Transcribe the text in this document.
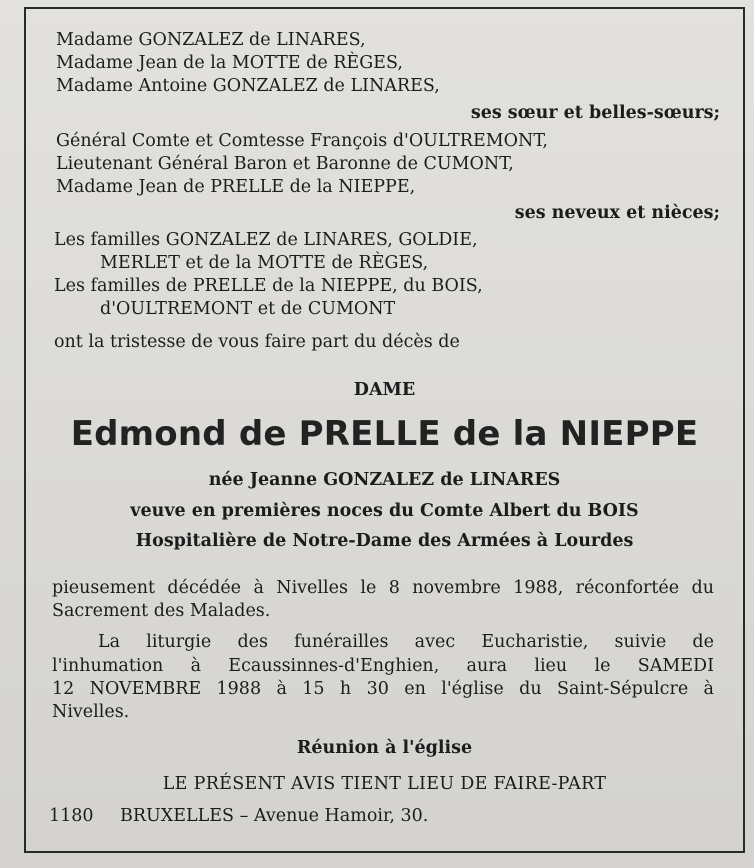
Madame GONZALEZ de LINARES,
Madame Jean de la MOTTE de RÈGES,
Madame Antoine GONZALEZ de LINARES,
ses sœur et belles-sœurs;
Général Comte et Comtesse François d'OULTREMONT,
Lieutenant Général Baron et Baronne de CUMONT,
Madame Jean de PRELLE de la NIEPPE,
ses neveux et nièces;
Les familles GONZALEZ de LINARES, GOLDIE,
MERLET et de la MOTTE de RÈGES,
Les familles de PRELLE de la NIEPPE, du BOIS,
d'OULTREMONT et de CUMONT
ont la tristesse de vous faire part du décès de
DAME
Edmond de PRELLE de la NIEPPE
née Jeanne GONZALEZ de LINARES
veuve en premières noces du Comte Albert du BOIS
Hospitalière de Notre-Dame des Armées à Lourdes
pieusement décédée à Nivelles le 8 novembre 1988, réconfortée du
Sacrement des Malades.
La liturgie des funérailles avec Eucharistie, suivie de
l'inhumation à Ecaussinnes-d'Enghien, aura lieu le SAMEDI
12 NOVEMBRE 1988 à 15 h 30 en l'église du Saint-Sépulcre à
Nivelles.
Réunion à l'église
LE PRÉSENT AVIS TIENT LIEU DE FAIRE-PART
1180 BRUXELLES – Avenue Hamoir, 30.
